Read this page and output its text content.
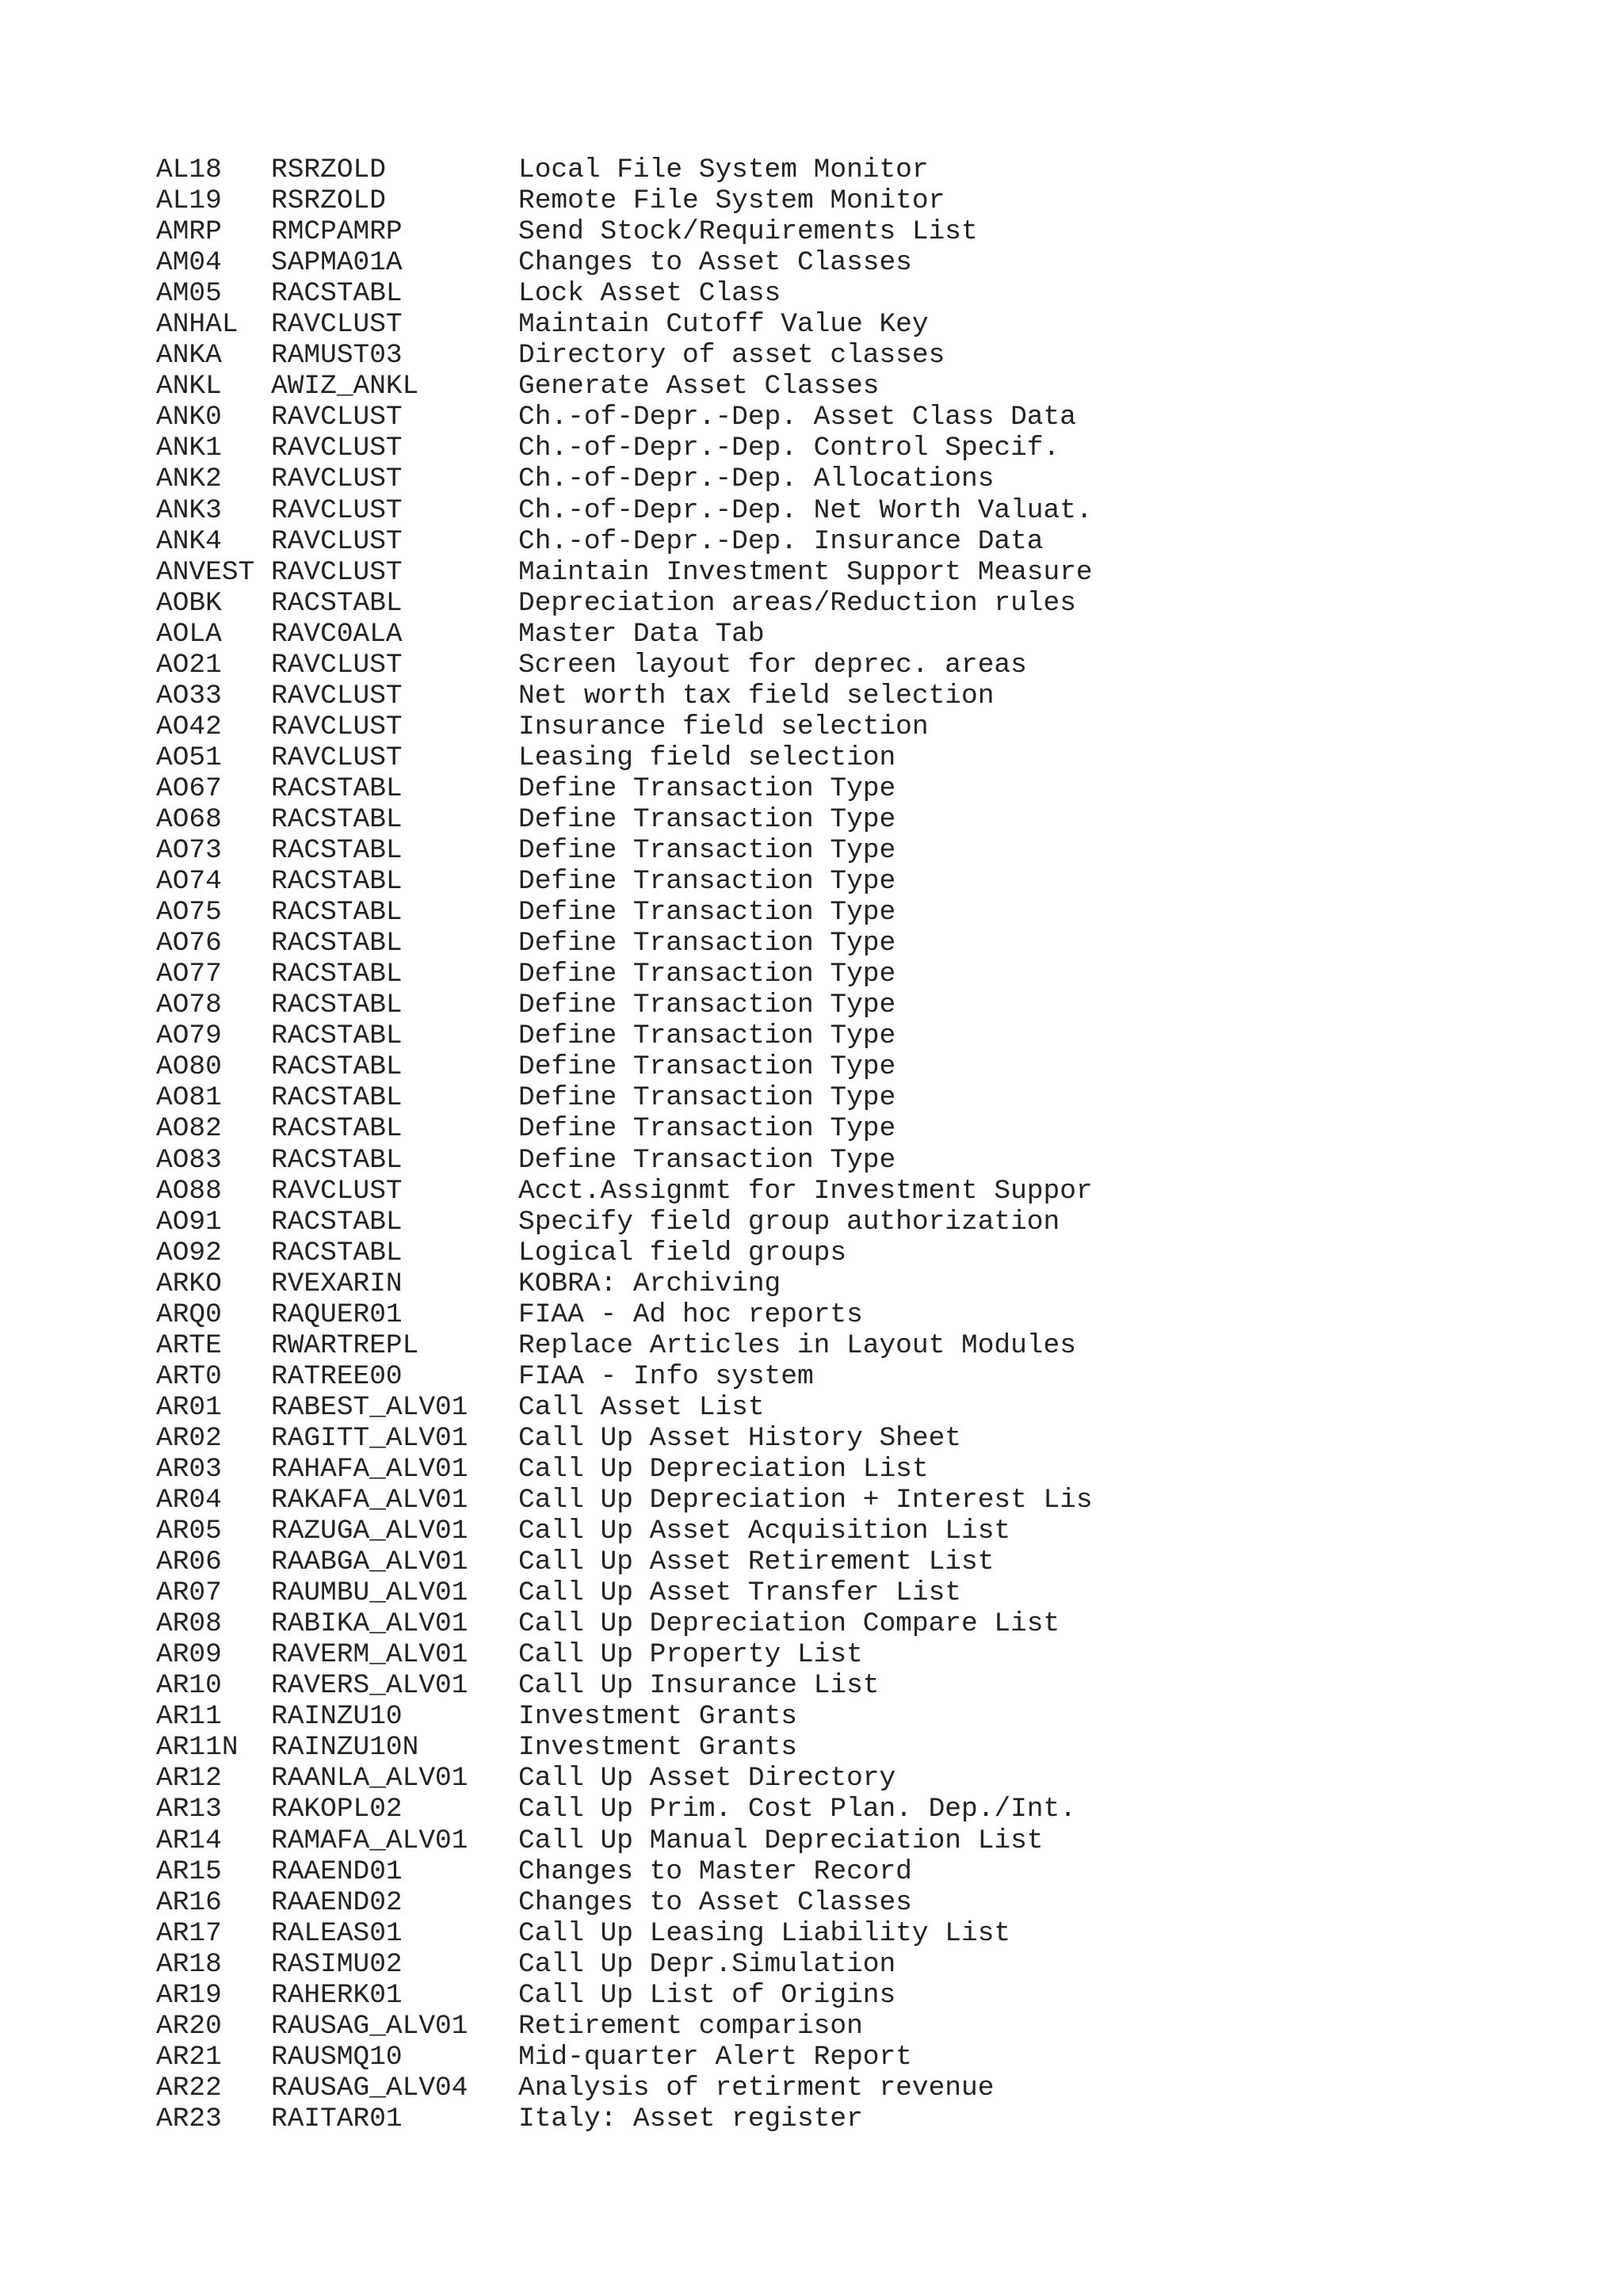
AL18 RSRZOLD	Local File System Monitor
AL19 RSRZOLD	Remote File System Monitor
AMRP RMCPAMRP	Send Stock/Requirements List
AM04 SAPMA01A	Changes to Asset Classes
AM05 RACSTABL	Lock Asset Class
ANHAL RAVCLUST	Maintain Cutoff Value Key
ANKA RAMUST03	Directory of asset classes
ANKL AWIZ_ANKL	Generate Asset Classes
ANK0 RAVCLUST	Ch.-of-Depr.-Dep. Asset Class Data
ANK1 RAVCLUST	Ch.-of-Depr.-Dep. Control Specif.
ANK2 RAVCLUST	Ch.-of-Depr.-Dep. Allocations
ANK3 RAVCLUST	Ch.-of-Depr.-Dep. Net Worth Valuat.
ANK4 RAVCLUST	Ch.-of-Depr.-Dep. Insurance Data
ANVEST RAVCLUST	Maintain Investment Support Measure
AOBK RACSTABL	Depreciation areas/Reduction rules
AOLA RAVC0ALA	Master Data Tab
AO21 RAVCLUST	Screen layout for deprec. areas
AO33 RAVCLUST	Net worth tax field selection
AO42 RAVCLUST	Insurance field selection
AO51 RAVCLUST	Leasing field selection
AO67 RACSTABL	Define Transaction Type
AO68 RACSTABL	Define Transaction Type
AO73 RACSTABL	Define Transaction Type
AO74 RACSTABL	Define Transaction Type
AO75 RACSTABL	Define Transaction Type
AO76 RACSTABL	Define Transaction Type
AO77 RACSTABL	Define Transaction Type
AO78 RACSTABL	Define Transaction Type
AO79 RACSTABL	Define Transaction Type
AO80 RACSTABL	Define Transaction Type
AO81 RACSTABL	Define Transaction Type
AO82 RACSTABL	Define Transaction Type
AO83 RACSTABL	Define Transaction Type
AO88 RAVCLUST	Acct.Assignmt for Investment Suppor
AO91 RACSTABL	Specify field group authorization
AO92 RACSTABL	Logical field groups
ARKO RVEXARIN	KOBRA: Archiving
ARQ0 RAQUER01	FIAA - Ad hoc reports
ARTE RWARTREPL	Replace Articles in Layout Modules
ART0 RATREE00	FIAA - Info system
AR01 RABEST_ALV01 Call Asset List
AR02 RAGITT_ALV01 Call Up Asset History Sheet
AR03 RAHAFA_ALV01 Call Up Depreciation List
AR04 RAKAFA_ALV01 Call Up Depreciation + Interest Lis
AR05 RAZUGA_ALV01 Call Up Asset Acquisition List
AR06 RAABGA_ALV01 Call Up Asset Retirement List
AR07 RAUMBU_ALV01 Call Up Asset Transfer List
AR08 RABIKA_ALV01 Call Up Depreciation Compare List
AR09 RAVERM_ALV01 Call Up Property List
AR10 RAVERS_ALV01 Call Up Insurance List
AR11 RAINZU10	Investment Grants
AR11N RAINZU10N	Investment Grants
AR12 RAANLA_ALV01 Call Up Asset Directory
AR13 RAKOPL02	Call Up Prim. Cost Plan. Dep./Int.
AR14 RAMAFA_ALV01 Call Up Manual Depreciation List
AR15 RAAEND01	Changes to Master Record
AR16 RAAEND02	Changes to Asset Classes
AR17 RALEAS01	Call Up Leasing Liability List
AR18 RASIMU02	Call Up Depr.Simulation
AR19 RAHERK01	Call Up List of Origins
AR20 RAUSAG_ALV01 Retirement comparison
AR21 RAUSMQ10	Mid-quarter Alert Report
AR22 RAUSAG_ALV04 Analysis of retirment revenue
AR23 RAITAR01	Italy: Asset register
